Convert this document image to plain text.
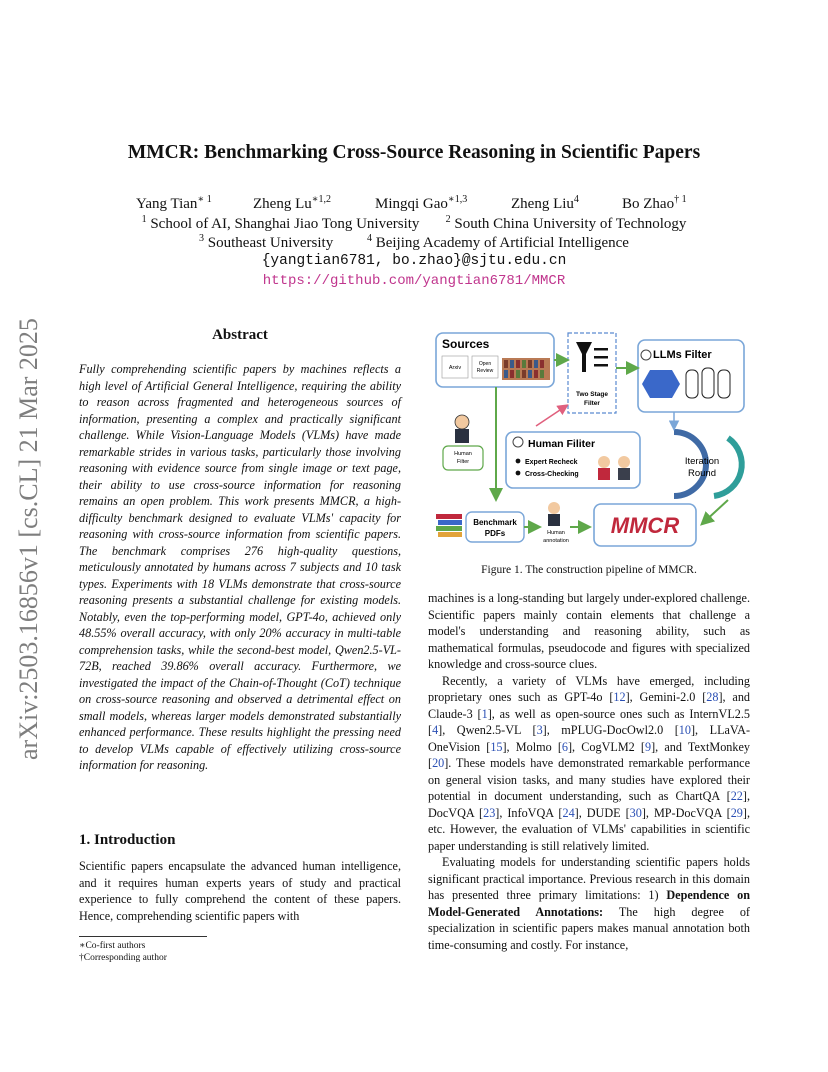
arXiv:2503.16856v1 [cs.CL] 21 Mar 2025
MMCR: Benchmarking Cross-Source Reasoning in Scientific Papers
Yang Tian$^{∗ 1}$	Zheng $Lu^{∗1,2}$	Mingqi Gao$^{∗1,3}$	Zheng Liu$^4$	Bo Zhao$^{\dagger 1}$
$^1$ School of AI, Shanghai Jiao Tong University	$^2$ South China University of Technology
$^3$ Southeast University	$^4$ Beijing Academy of Artificial Intelligence
{yangtian6781, bo.zhao}@sjtu.edu.cn
https://github.com/yangtian6781/MMCR
Abstract
Fully comprehending scientific papers by machines reflects a high level of Artificial General Intelligence, requiring the ability to reason across fragmented and heterogeneous sources of information, presenting a complex and practically significant challenge. While Vision-Language Models (VLMs) have made remarkable strides in various tasks, particularly those involving reasoning with evidence source from single image or text page, their ability to use cross-source information for reasoning remains an open problem. This work presents MMCR, a high-difficulty benchmark designed to evaluate VLMs' capacity for reasoning with cross-source information from scientific papers. The benchmark comprises 276 high-quality questions, meticulously annotated by humans across 7 subjects and 10 task types. Experiments with 18 VLMs demonstrate that cross-source reasoning presents a substantial challenge for existing models. Notably, even the top-performing model, GPT-4o, achieved only 48.55% overall accuracy, with only 20% accuracy in multi-table comprehension tasks, while the second-best model, Qwen2.5-VL-72B, reached 39.86% overall accuracy. Furthermore, we investigated the impact of the Chain-of-Thought (CoT) technique on cross-source reasoning and observed a detrimental effect on small models, whereas larger models demonstrated substantially enhanced performance. These results highlight the pressing need to develop VLMs capable of effectively utilizing cross-source information for reasoning.
1. Introduction
Scientific papers encapsulate the advanced human intelligence, and it requires human experts years of study and practical experience to fully comprehend the content of these papers. Hence, comprehending scientific papers with
∗Co-first authors
†Corresponding author
Sources
Arxiv
Open
Review
Two Stage
Filter
LLMs Filter
Human
Filter
Human Filiter
Expert Recheck
Cross-Checking
Iteration
Round
Benchmark
PDFs	Human
annotation
MMCR
Figure 1. The construction pipeline of MMCR.

machines is a long-standing but largely under-explored challenge. Scientific papers mainly contain elements that challenge a model's understanding and reasoning ability, such as mathematical formulas, pseudocode and figures with specialized knowledge and cross-source clues.

Recently, a variety of VLMs have emerged, including proprietary ones such as GPT-4o [12], Gemini-2.0 [28], and Claude-3 [1], as well as open-source ones such as InternVL2.5 [4], Qwen2.5-VL [3], mPLUG-DocOwl2.0 [10], LLaVA-OneVision [15], Molmo [6], CogVLM2 [9], and TextMonkey [20]. These models have demonstrated remarkable performance on general vision tasks, and many studies have explored their potential in document understanding, such as ChartQA [22], DocVQA [23], InfoVQA [24], DUDE [30], MP-DocVQA [29], etc. However, the evaluation of VLMs' capabilities in scientific paper understanding is still relatively limited.

Evaluating models for understanding scientific papers holds significant practical importance. Previous research in this domain has presented three primary limitations: 1) Dependence on Model-Generated Annotations: The high degree of specialization in scientific papers makes manual annotation both time-consuming and costly. For instance,
